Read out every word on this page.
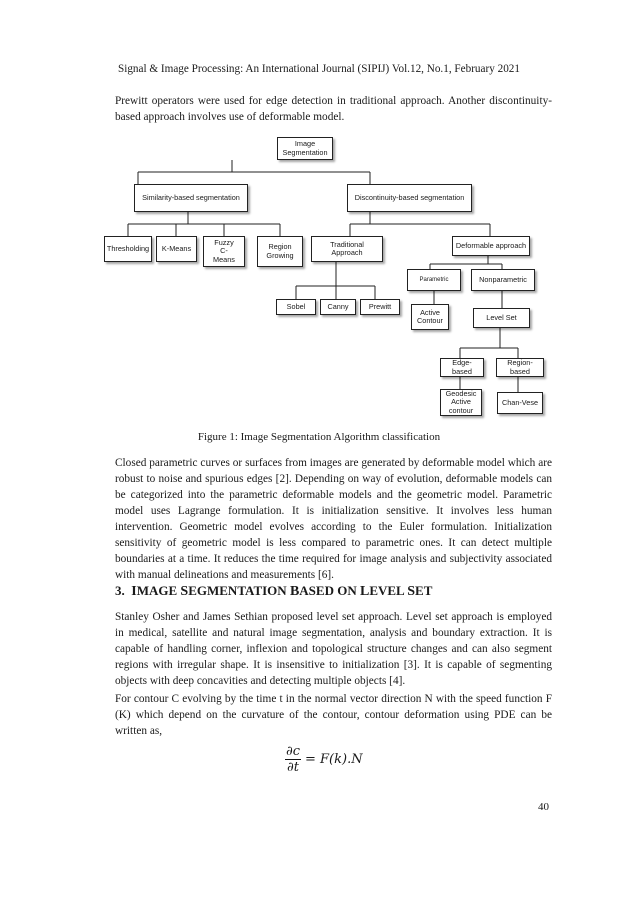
Signal & Image Processing: An International Journal (SIPIJ) Vol.12, No.1, February 2021

Prewitt operators were used for edge detection in traditional approach. Another discontinuity-based approach involves use of deformable model.

Image Segmentation
Similarity-based segmentation	Discontinuity-based segmentation
Thresholding	K-Means
Fuzzy C-Means
Region Growing
Traditional Approach
Deformable approach
Sobel	Canny	Prewitt
Parametric	Nonparametric
Active Contour	Level Set
Edge-based
Region-based
Geodesic Active contour
Chan-Vese
Figure 1: Image Segmentation Algorithm classification

Closed parametric curves or surfaces from images are generated by deformable model which are robust to noise and spurious edges [2]. Depending on way of evolution, deformable models can be categorized into the parametric deformable models and the geometric model. Parametric model uses Lagrange formulation. It is initialization sensitive. It involves less human intervention. Geometric model evolves according to the Euler formulation. Initialization sensitivity of geometric model is less compared to parametric ones. It can detect multiple boundaries at a time. It reduces the time required for image analysis and subjectivity associated with manual delineations and measurements [6].

3. IMAGE SEGMENTATION BASED ON LEVEL SET

Stanley Osher and James Sethian proposed level set approach. Level set approach is employed in medical, satellite and natural image segmentation, analysis and boundary extraction. It is capable of handling corner, inflexion and topological structure changes and can also segment regions with irregular shape. It is insensitive to initialization [3]. It is capable of segmenting objects with deep concavities and detecting multiple objects [4].

For contour C evolving by the time t in the normal vector direction N with the speed function F (K) which depend on the curvature of the contour, contour deformation using PDE can be written as,

$\frac{\partial c}{\partial t} = F(k).N$
40
